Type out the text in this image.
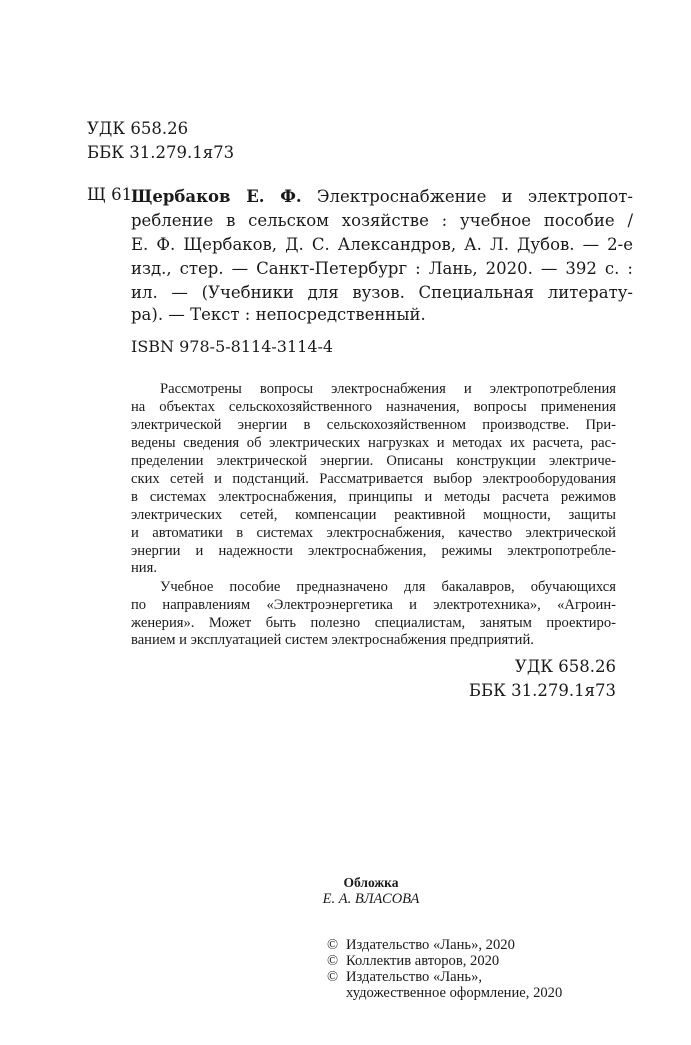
УДК 658.26
ББК 31.279.1я73
Щ 61
Щербаков Е. Ф. Электроснабжение и электропот-
ребление в сельском хозяйстве : учебное пособие /
Е. Ф. Щербаков, Д. С. Александров, А. Л. Дубов. — 2-е
изд., стер. — Санкт-Петербург : Лань, 2020. — 392 с. :
ил. — (Учебники для вузов. Специальная литерату-
ра). — Текст : непосредственный.
ISBN 978-5-8114-3114-4
Рассмотрены вопросы электроснабжения и электропотребления
на объектах сельскохозяйственного назначения, вопросы применения
электрической энергии в сельскохозяйственном производстве. При-
ведены сведения об электрических нагрузках и методах их расчета, рас-
пределении электрической энергии. Описаны конструкции электриче-
ских сетей и подстанций. Рассматривается выбор электрооборудования
в системах электроснабжения, принципы и методы расчета режимов
электрических сетей, компенсации реактивной мощности, защиты
и автоматики в системах электроснабжения, качество электрической
энергии и надежности электроснабжения, режимы электропотребле-
ния.
Учебное пособие предназначено для бакалавров, обучающихся
по направлениям «Электроэнергетика и электротехника», «Агроин-
женерия». Может быть полезно специалистам, занятым проектиро-
ванием и эксплуатацией систем электроснабжения предприятий.
УДК 658.26
ББК 31.279.1я73
Обложка
Е. А. ВЛАСОВА
© Издательство «Лань», 2020
© Коллектив авторов, 2020
© Издательство «Лань»,
художественное оформление, 2020
